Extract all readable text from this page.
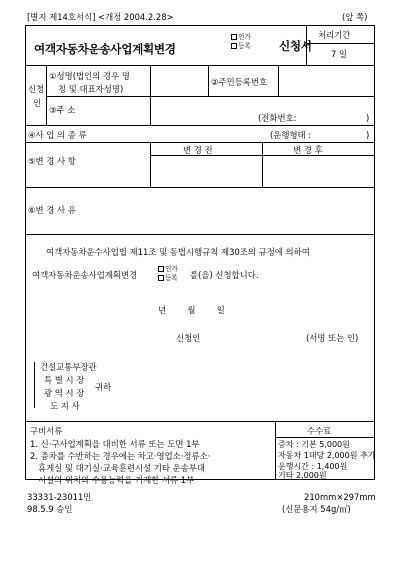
[별지 제14호서식] <개정 2004.2.28>	(앞 쪽)
여객자동차운송사업계획변경
인가
등록 신청서
처리기간
7 일
신청
인
①성명(법인의 경우 명
칭 및 대표자성명)
②주민등록번호
③주 소
(전화번호:	)
④사 업 의 종 류	(운행형태 :	)
⑤변 경 사 항
변 경 전	변 경 후
⑥변 경 사 유
여객자동차운수사업법 제11조 및 동법시행규칙 제30조의 규정에 의하여
여객자동차운송사업계획변경
인가
등록 를(을) 신청합니다.
년        월        일
신청인	(서명 또는 인)
건설교통부장관
특 별 시 장
광 역 시 장
도 지 사
귀하
구비서류
1. 신·구사업계획을 대비한 서류 또는 도면 1부
2. 증차를 수반하는 경우에는 차고·영업소·정류소·
휴게실 및 대기실·교육훈련시설 기타 운송부대
시설의 위치와 수용능력을 기재한 서류 1부
수수료
증차 : 기본 5,000원
자동차 1대당 2,000원 추가
운행시간 : 1,400원
기타 2,000원
33331-23011민
98.5.9 승인
210mm×297mm
(신문용지 54g/㎡)
